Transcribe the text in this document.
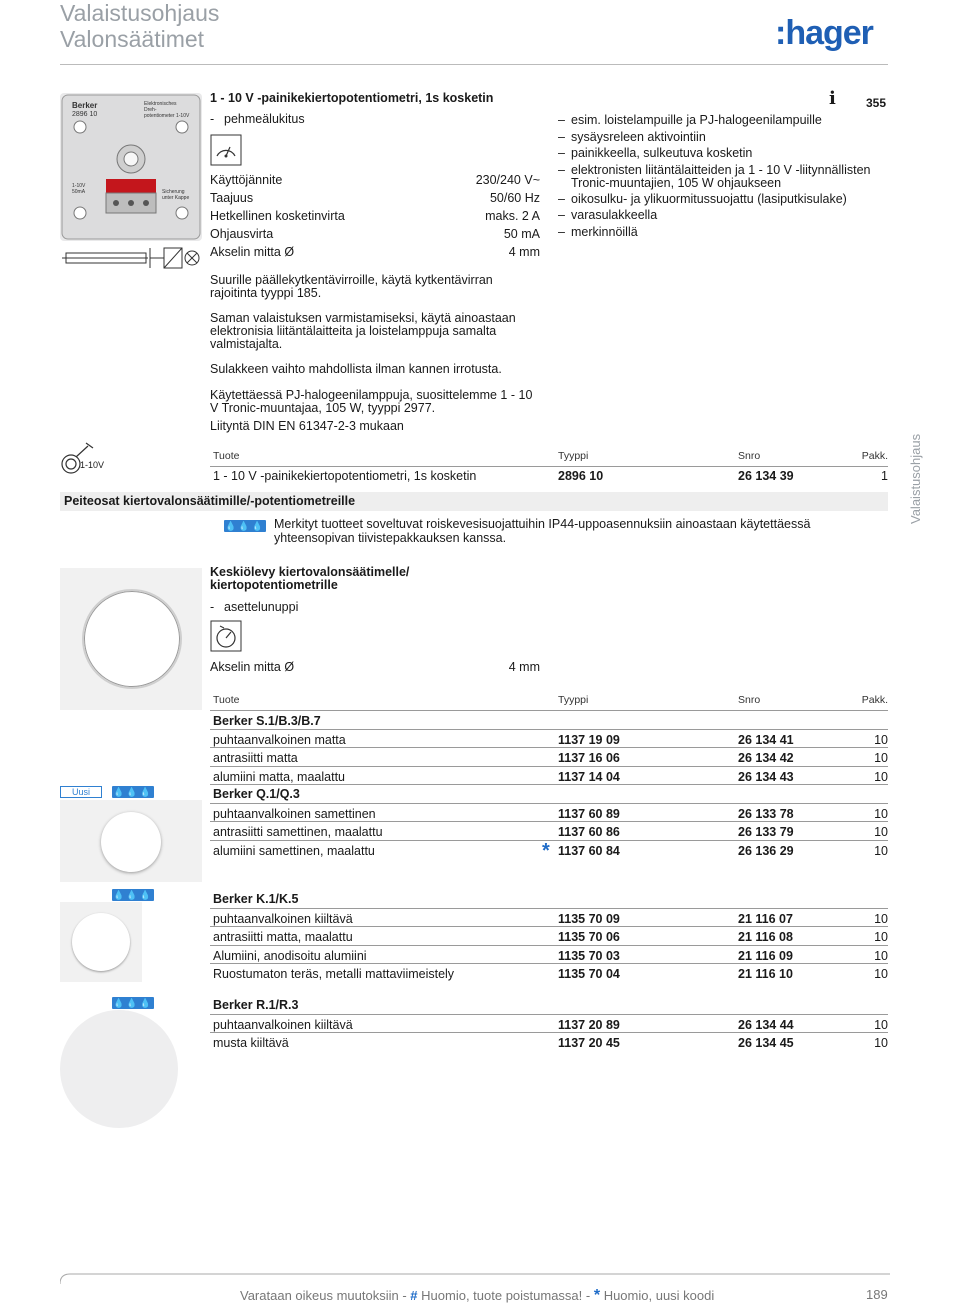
Valaistusohjaus
Valonsäätimet	:hager
Valaistusohjaus
Berker
2896 10
Elektronisches
Dreh-
potentiometer 1-10V
Sicherung
unter Kappe
1-10V
50mA
1 - 10 V -painikekiertopotentiometri, 1s kosketin
- pehmeälukitus
Käyttöjännite	230/240 V~
Taajuus	50/60 Hz
Hetkellinen kosketinvirta	maks. 2 A
Ohjausvirta	50 mA
Akselin mitta Ø	4 mm
Suurille päällekytkentävirroille, käytä kytkentävirran rajoitinta tyyppi 185.
Saman valaistuksen varmistamiseksi, käytä ainoastaan elektronisia liitäntälaitteita ja loistelamppuja samalta valmistajalta.
Sulakkeen vaihto mahdollista ilman kannen irrotusta.
Käytettäessä PJ-halogeenilamppuja, suosittelemme 1 - 10 V Tronic-muuntajaa, 105 W, tyyppi 2977.
Liityntä DIN EN 61347-2-3 mukaan
i	355
– esim. loistelampuille ja PJ-halogeenilampuille
– sysäysreleen aktivointiin
– painikkeella, sulkeutuva kosketin
– elektronisten liitäntälaitteiden ja 1 - 10 V -liitynnällisten Tronic-muuntajien, 105 W ohjaukseen
– oikosulku- ja ylikuormitussuojattu (lasiputkisulake)
– varasulakkeella
– merkinnöillä
1-10V
Tuote	Tyyppi	Snro	Pakk.
1 - 10 V -painikekiertopotentiometri, 1s kosketin	2896 10	26 134 39	1
Peiteosat kiertovalonsäätimille/-potentiometreille
💧💧💧 Merkityt tuotteet soveltuvat roiskevesisuojattuihin IP44-uppoasennuksiin ainoastaan käytettäessä yhteensopivan tiivistepakkauksen kanssa.
Keskiölevy kiertovalonsäätimelle/
kiertopotentiometrille
- asettelunuppi
Akselin mitta Ø	4 mm
Tuote	Tyyppi	Snro	Pakk.
Berker S.1/B.3/B.7
puhtaanvalkoinen matta	1137 19 09	26 134 41	10
antrasiitti matta	1137 16 06	26 134 42	10
alumiini matta, maalattu	1137 14 04	26 134 43	10
Berker Q.1/Q.3
puhtaanvalkoinen samettinen	1137 60 89	26 133 78	10
antrasiitti samettinen, maalattu	1137 60 86	26 133 79	10
alumiini samettinen, maalattu	* 1137 60 84	26 136 29	10
Uusi	💧💧💧
💧💧💧	Berker K.1/K.5
puhtaanvalkoinen kiiltävä	1135 70 09	21 116 07	10
antrasiitti matta, maalattu	1135 70 06	21 116 08	10
Alumiini, anodisoitu alumiini	1135 70 03	21 116 09	10
Ruostumaton teräs, metalli mattaviimeistely	1135 70 04	21 116 10	10
💧💧💧	Berker R.1/R.3
puhtaanvalkoinen kiiltävä	1137 20 89	26 134 44	10
musta kiiltävä	1137 20 45	26 134 45	10
Varataan oikeus muutoksiin - # Huomio, tuote poistumassa! - * Huomio, uusi koodi	189
